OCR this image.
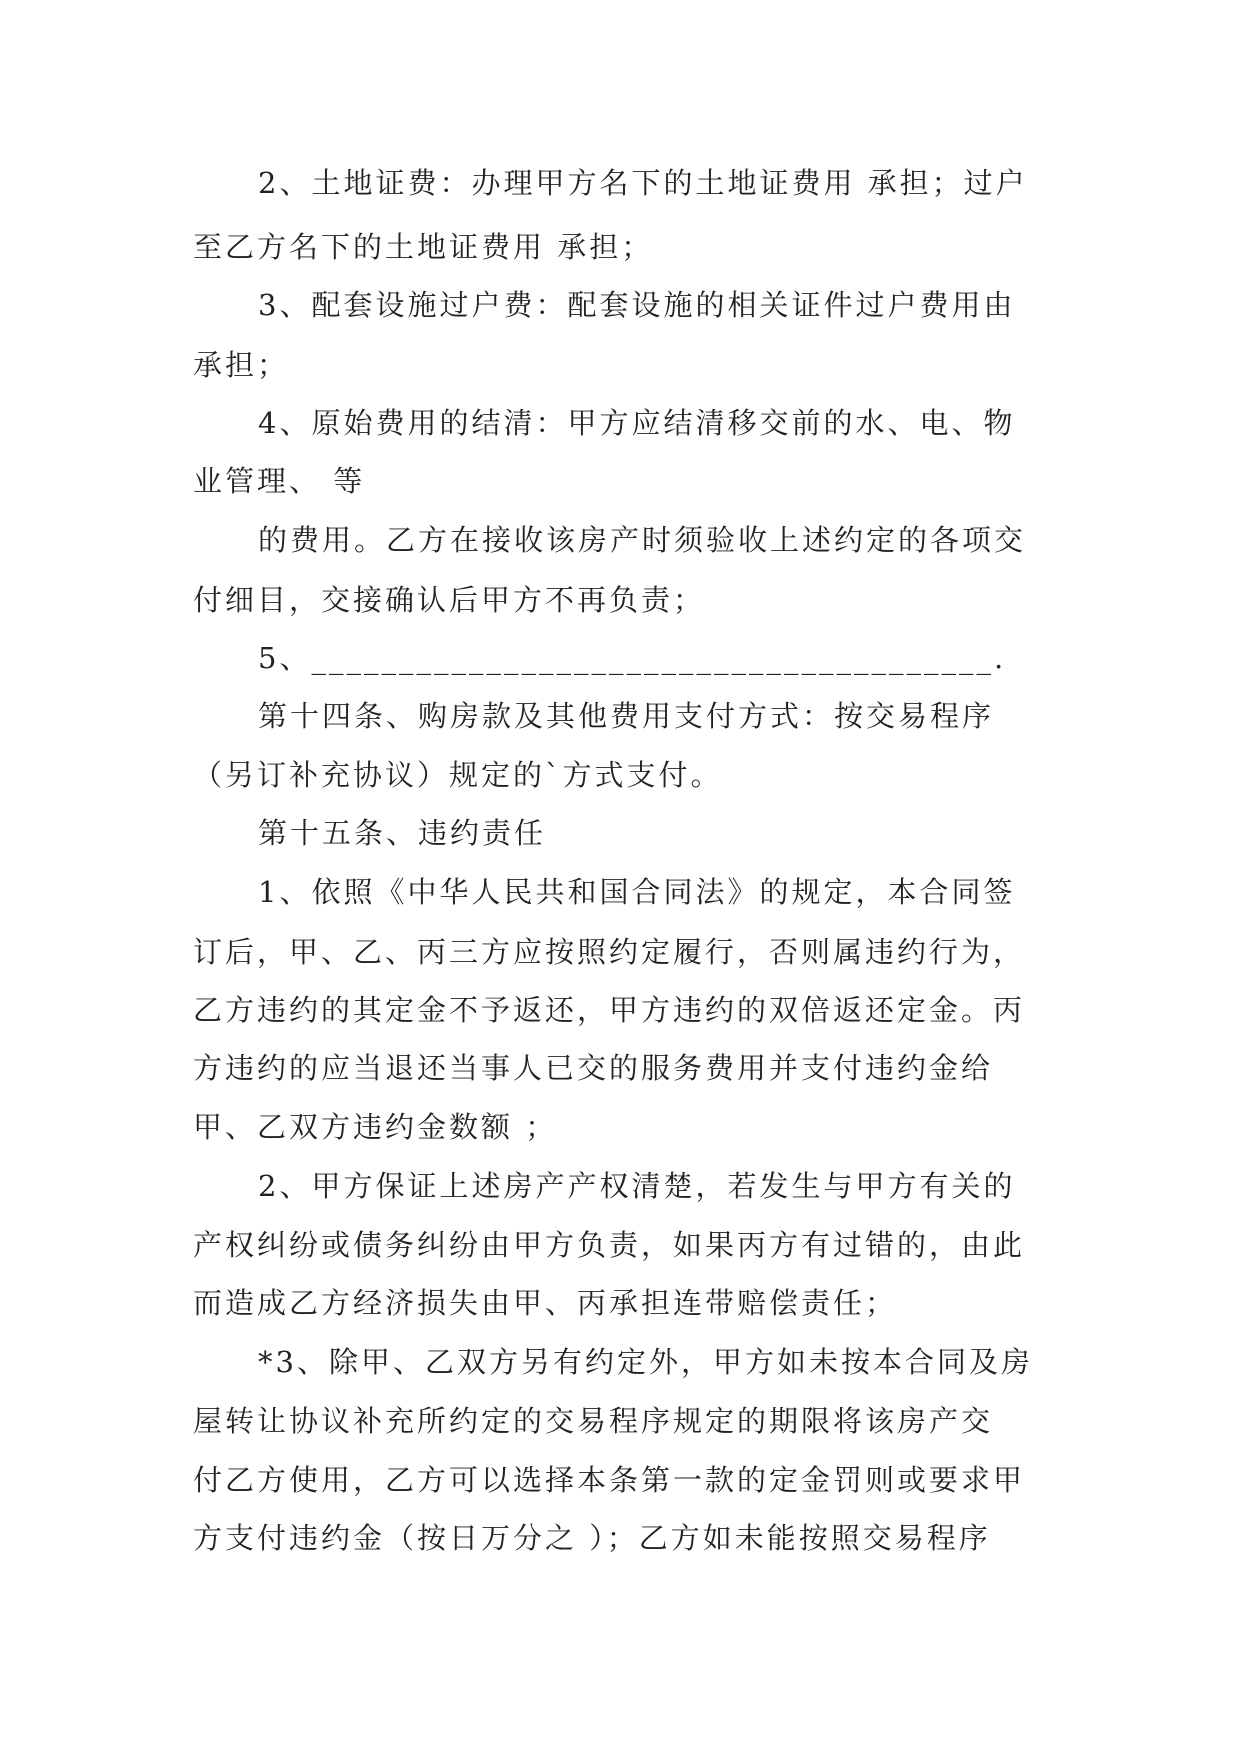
2、土地证费：办理甲方名下的土地证费用 承担；过户
至乙方名下的土地证费用 承担；
3、配套设施过户费：配套设施的相关证件过户费用由
承担；
4、原始费用的结清：甲方应结清移交前的水、电、物
业管理、 等
的费用。乙方在接收该房产时须验收上述约定的各项交
付细目，交接确认后甲方不再负责；
5、_______________________________________.
第十四条、购房款及其他费用支付方式：按交易程序
（另订补充协议）规定的`方式支付。
第十五条、违约责任
1、依照《中华人民共和国合同法》的规定，本合同签
订后，甲、乙、丙三方应按照约定履行，否则属违约行为，
乙方违约的其定金不予返还，甲方违约的双倍返还定金。丙
方违约的应当退还当事人已交的服务费用并支付违约金给
甲、乙双方违约金数额 ；
2、甲方保证上述房产产权清楚，若发生与甲方有关的
产权纠纷或债务纠纷由甲方负责，如果丙方有过错的，由此
而造成乙方经济损失由甲、丙承担连带赔偿责任；
*3、除甲、乙双方另有约定外，甲方如未按本合同及房
屋转让协议补充所约定的交易程序规定的期限将该房产交
付乙方使用，乙方可以选择本条第一款的定金罚则或要求甲
方支付违约金（按日万分之 ）；乙方如未能按照交易程序
